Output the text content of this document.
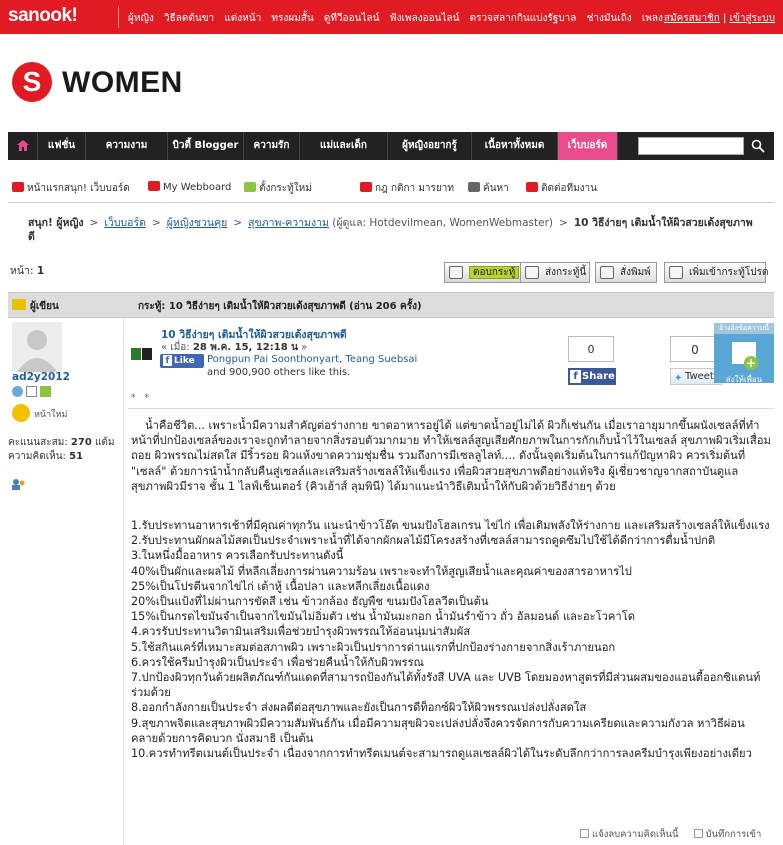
sanook!	ผู้หญิง วิธีลดต้นขา แต่งหน้า ทรงผมสั้น ดูทีวีออนไลน์ ฟังเพลงออนไลน์ ตรวจสลากกินแบ่งรัฐบาล ช่างมันเถิง เพลง สมัครสมาชิก | เข้าสู่ระบบ
S WOMEN
แฟชั่น	ความงาม	บิวตี้ Blogger	ความรัก	แม่และเด็ก	ผู้หญิงอยากรู้	เนื้อหาทั้งหมด	เว็บบอร์ด
หน้าแรกสนุก! เว็บบอร์ด	My Webboard	ตั้งกระทู้ใหม่	กฎ กติกา มารยาท	ค้นหา	ติดต่อทีมงาน
สนุก! ผู้หญิง > เว็บบอร์ด > ผู้หญิงชวนคุย > สุขภาพ-ความงาม (ผู้ดูแล: Hotdevilmean, WomenWebmaster) > 10 วิธีง่ายๆ เติมน้ำให้ผิวสวยเด้งสุขภาพดี
หน้า: 1	ตอบกระทู้	ส่งกระทู้นี้	สั่งพิมพ์	เพิ่มเข้ากระทู้โปรด
ผู้เขียน	กระทู้: 10 วิธีง่ายๆ เติมน้ำให้ผิวสวยเด้งสุขภาพดี (อ่าน 206 ครั้ง)
ad2y2012
หน้าใหม่
คะแนนสะสม: 270 แต้ม
ความคิดเห็น: 51
10 วิธีง่ายๆ เติมน้ำให้ผิวสวยเด้งสุขภาพดี
« เมื่อ: 28 พ.ค. 15, 12:18 น »
f Like	Pongpun Pai Soonthonyart, Teang Suebsai
and 900,900 others like this.
0
f Share
0
✦ Tweet
อ้างอิงข้อความนี้
+
ส่งให้เพื่อน
* *

น้ำคือชีวิต... เพราะน้ำมีความสำคัญต่อร่างกาย ขาดอาหารอยู่ได้ แต่ขาดน้ำอยู่ไม่ได้ ผิวก็เช่นกัน เมื่อเราอายุมากขึ้นผนังเซลล์ที่ทำหน้าที่ปกป้องเซลล์ของเราจะถูกทำลายจากสิ่งรอบตัวมากมาย ทำให้เซลล์สูญเสียศักยภาพในการกักเก็บน้ำไว้ในเซลล์ สุขภาพผิวเริ่มเสื่อมถอย ผิวพรรณไม่สดใส มีริ้วรอย ผิวแห้งขาดความชุ่มชื่น รวมถึงการมีเซลลูไลท์.... ดังนั้นจุดเริ่มต้นในการแก้ปัญหาผิว ควรเริ่มต้นที่ "เซลล์" ด้วยการนำน้ำกลับคืนสู่เซลล์และเสริมสร้างเซลล์ให้แข็งแรง เพื่อผิวสวยสุขภาพดีอย่างแท้จริง ผู้เชี่ยวชาญจากสถาบันดูแลสุขภาพผิวมีราจ ชั้น 1 ไลฟ์เซ็นเตอร์ (คิวเฮ้าส์ ลุมพินี) ได้มาแนะนำวิธีเติมน้ำให้กับผิวด้วยวิธีง่ายๆ ด้วย

1.รับประทานอาหารเช้าที่มีคุณค่าทุกวัน แนะนำข้าวโอ๊ต ขนมปังโฮลเกรน ไข่ไก่ เพื่อเติมพลังให้ร่างกาย และเสริมสร้างเซลล์ให้แข็งแรง

2.รับประทานผักผลไม้สดเป็นประจำเพราะน้ำที่ได้จากผักผลไม้มีโครงสร้างที่เซลล์สามารถดูดซึมไปใช้ได้ดีกว่าการดื่มน้ำปกติ

3.ในหนึ่งมื้ออาหาร ควรเลือกรับประทานดังนี้

40%เป็นผักและผลไม้ ที่หลีกเลี่ยงการผ่านความร้อน เพราะจะทำให้สูญเสียน้ำและคุณค่าของสารอาหารไป

25%เป็นโปรตีนจากไข่ไก่ เต้าหู้ เนื้อปลา และหลีกเลี่ยงเนื้อแดง

20%เป็นแป้งที่ไม่ผ่านการขัดสี เช่น ข้าวกล้อง ธัญพืช ขนมปังโฮลวีตเป็นต้น

15%เป็นกรดไขมันจำเป็นจากไขมันไม่อิ่มตัว เช่น น้ำมันมะกอก น้ำมันรำข้าว ถั่ว อัลมอนด์ และอะโวคาโด

4.ควรรับประทานวิตามินเสริมเพื่อช่วยบำรุงผิวพรรณให้อ่อนนุ่มน่าสัมผัส

5.ใช้สกินแคร์ที่เหมาะสมต่อสภาพผิว เพราะผิวเป็นปราการด่านแรกที่ปกป้องร่างกายจากสิ่งเร้าภายนอก

6.ควรใช้ครีมบำรุงผิวเป็นประจำ เพื่อช่วยคืนน้ำให้กับผิวพรรณ

7.ปกป้องผิวทุกวันด้วยผลิตภัณฑ์กันแดดที่สามารถป้องกันได้ทั้งรังสี UVA และ UVB โดยมองหาสูตรที่มีส่วนผสมของแอนตี้ออกซิแดนท์ร่วมด้วย

8.ออกกำลังกายเป็นประจำ ส่งผลดีต่อสุขภาพและยังเป็นการดีท็อกซ์ผิวให้ผิวพรรณเปล่งปลั่งสดใส

9.สุขภาพจิตและสุขภาพผิวมีความสัมพันธ์กัน เมื่อมีความสุขผิวจะเปล่งปลั่งจึงควรจัดการกับความเครียดและความกังวล หาวิธีผ่อนคลายด้วยการคิดบวก นั่งสมาธิ เป็นต้น

10.ควรทำทรีตเมนต์เป็นประจำ เนื่องจากการทำทรีตเมนต์จะสามารถดูแลเซลล์ผิวได้ในระดับลึกกว่าการลงครีมบำรุงเพียงอย่างเดียว

แจ้งลบความคิดเห็นนี้	บันทึกการเข้า
